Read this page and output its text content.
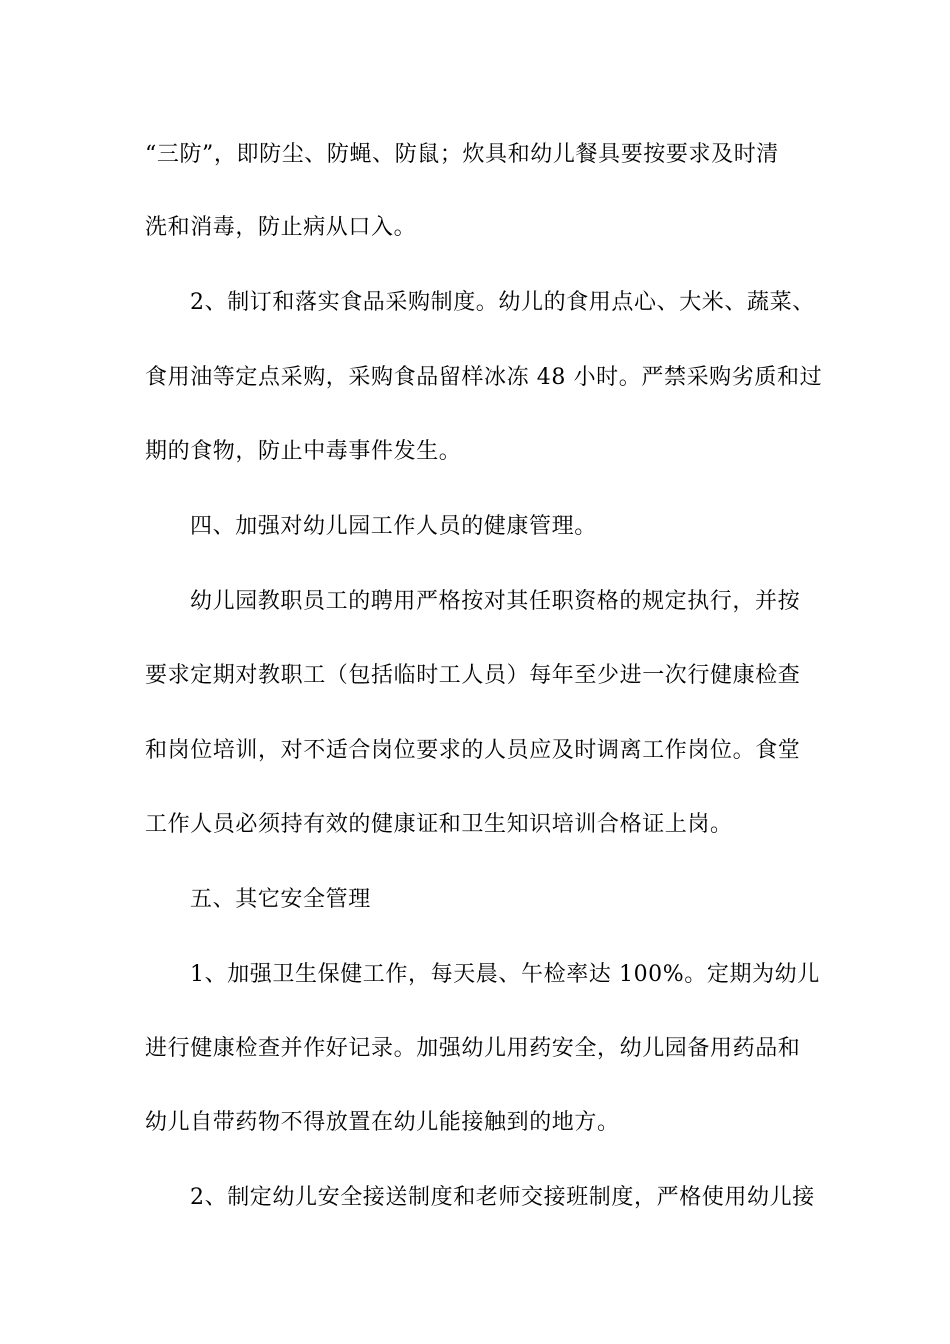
“三防”，即防尘、防蝇、防鼠；炊具和幼儿餐具要按要求及时清
洗和消毒，防止病从口入。
2、制订和落实食品采购制度。幼儿的食用点心、大米、蔬菜、
食用油等定点采购，采购食品留样冰冻 48 小时。严禁采购劣质和过
期的食物，防止中毒事件发生。
四、加强对幼儿园工作人员的健康管理。
幼儿园教职员工的聘用严格按对其任职资格的规定执行，并按
要求定期对教职工（包括临时工人员）每年至少进一次行健康检查
和岗位培训，对不适合岗位要求的人员应及时调离工作岗位。食堂
工作人员必须持有效的健康证和卫生知识培训合格证上岗。
五、其它安全管理
1、加强卫生保健工作，每天晨、午检率达 100%。定期为幼儿
进行健康检查并作好记录。加强幼儿用药安全，幼儿园备用药品和
幼儿自带药物不得放置在幼儿能接触到的地方。
2、制定幼儿安全接送制度和老师交接班制度，严格使用幼儿接
